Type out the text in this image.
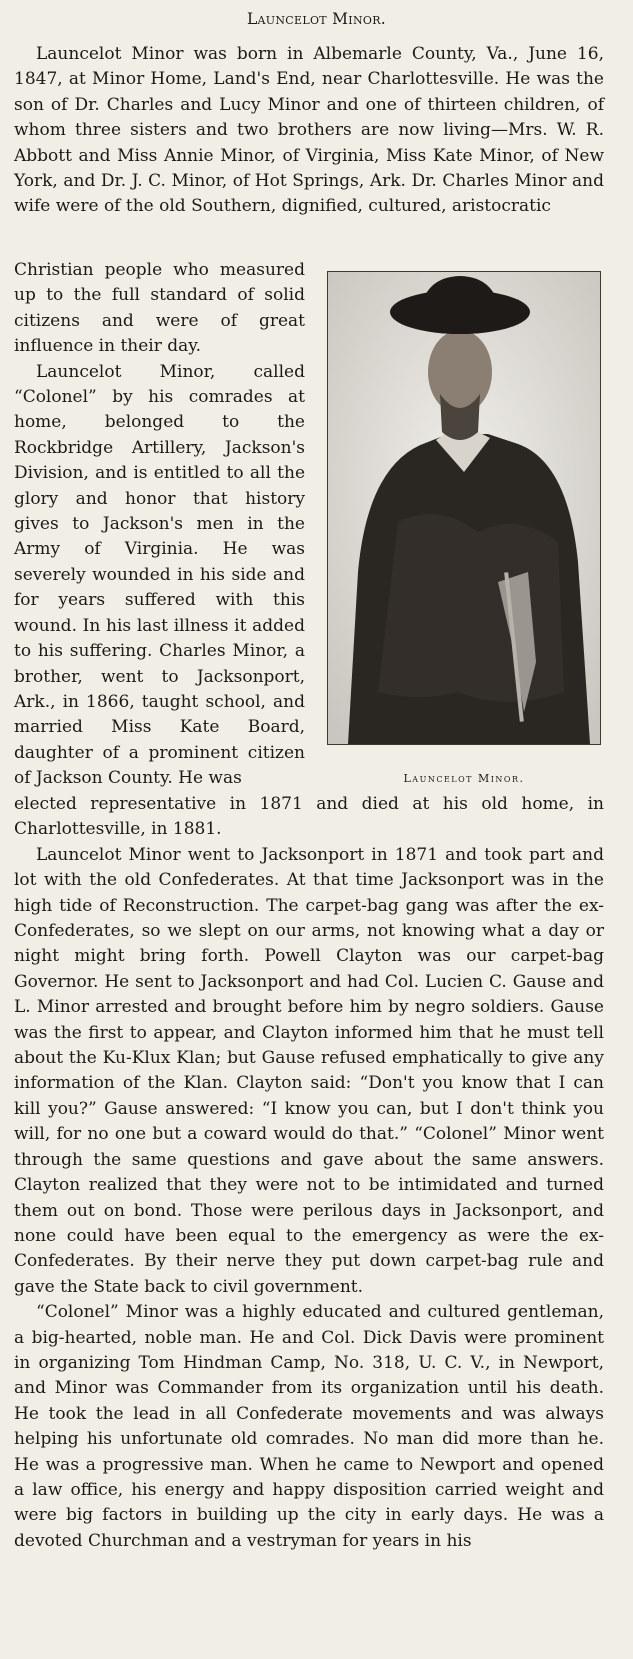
Launcelot Minor.

Launcelot Minor was born in Albemarle County, Va., June 16, 1847, at Minor Home, Land's End, near Charlottesville. He was the son of Dr. Charles and Lucy Minor and one of thirteen children, of whom three sisters and two brothers are now living—Mrs. W. R. Abbott and Miss Annie Minor, of Virginia, Miss Kate Minor, of New York, and Dr. J. C. Minor, of Hot Springs, Ark. Dr. Charles Minor and wife were of the old Southern, dignified, cultured, aristocratic

Christian people who measured up to the full standard of solid citizens and were of great influence in their day.

Launcelot Minor, called “Colonel” by his comrades at home, belonged to the Rockbridge Artillery, Jackson's Division, and is entitled to all the glory and honor that history gives to Jackson's men in the Army of Virginia. He was severely wounded in his side and for years suffered with this wound. In his last illness it added to his suffering. Charles Minor, a brother, went to Jacksonport, Ark., in 1866, taught school, and married Miss Kate Board, daughter of a prominent citizen of Jackson County. He was	Launcelot Minor.

elected representative in 1871 and died at his old home, in Charlottesville, in 1881.

Launcelot Minor went to Jacksonport in 1871 and took part and lot with the old Confederates. At that time Jacksonport was in the high tide of Reconstruction. The carpet-bag gang was after the ex-Confederates, so we slept on our arms, not knowing what a day or night might bring forth. Powell Clayton was our carpet-bag Governor. He sent to Jacksonport and had Col. Lucien C. Gause and L. Minor arrested and brought before him by negro soldiers. Gause was the first to appear, and Clayton informed him that he must tell about the Ku-Klux Klan; but Gause refused emphatically to give any information of the Klan. Clayton said: “Don't you know that I can kill you?” Gause answered: “I know you can, but I don't think you will, for no one but a coward would do that.” “Colonel” Minor went through the same questions and gave about the same answers. Clayton realized that they were not to be intimidated and turned them out on bond. Those were perilous days in Jacksonport, and none could have been equal to the emergency as were the ex-Confederates. By their nerve they put down carpet-bag rule and gave the State back to civil government.

“Colonel” Minor was a highly educated and cultured gentleman, a big-hearted, noble man. He and Col. Dick Davis were prominent in organizing Tom Hindman Camp, No. 318, U. C. V., in Newport, and Minor was Commander from its organization until his death. He took the lead in all Confederate movements and was always helping his unfortunate old comrades. No man did more than he. He was a progressive man. When he came to Newport and opened a law office, his energy and happy disposition carried weight and were big factors in building up the city in early days. He was a devoted Churchman and a vestryman for years in his
